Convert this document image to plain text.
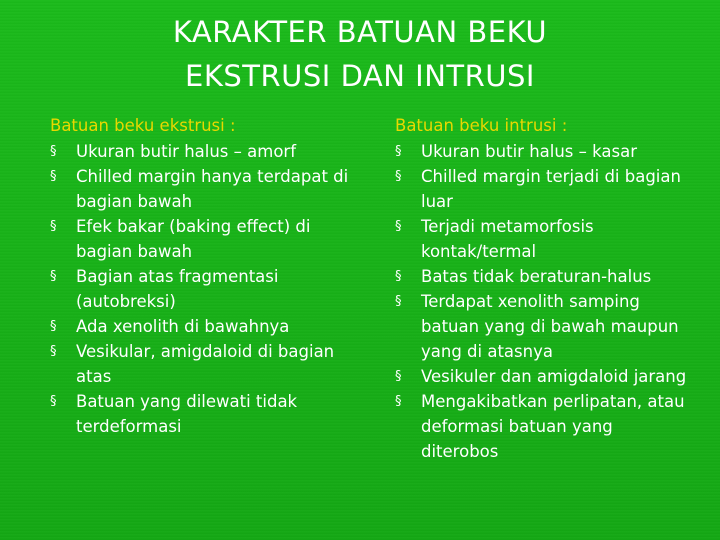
KARAKTER BATUAN BEKU
EKSTRUSI DAN INTRUSI
Batuan beku ekstrusi :
§	Ukuran butir halus – amorf
§	Chilled margin hanya terdapat di bagian bawah
§	Efek bakar (baking effect) di bagian bawah
§	Bagian atas fragmentasi (autobreksi)
§	Ada xenolith di bawahnya
§	Vesikular, amigdaloid di bagian atas
§	Batuan yang dilewati tidak terdeformasi
Batuan beku intrusi :
§	Ukuran butir halus – kasar
§	Chilled margin terjadi di bagian luar
§	Terjadi metamorfosis kontak/termal
§	Batas tidak beraturan-halus
§	Terdapat xenolith samping batuan yang di bawah maupun yang di atasnya
§	Vesikuler dan amigdaloid jarang
§	Mengakibatkan perlipatan, atau deformasi batuan yang diterobos
